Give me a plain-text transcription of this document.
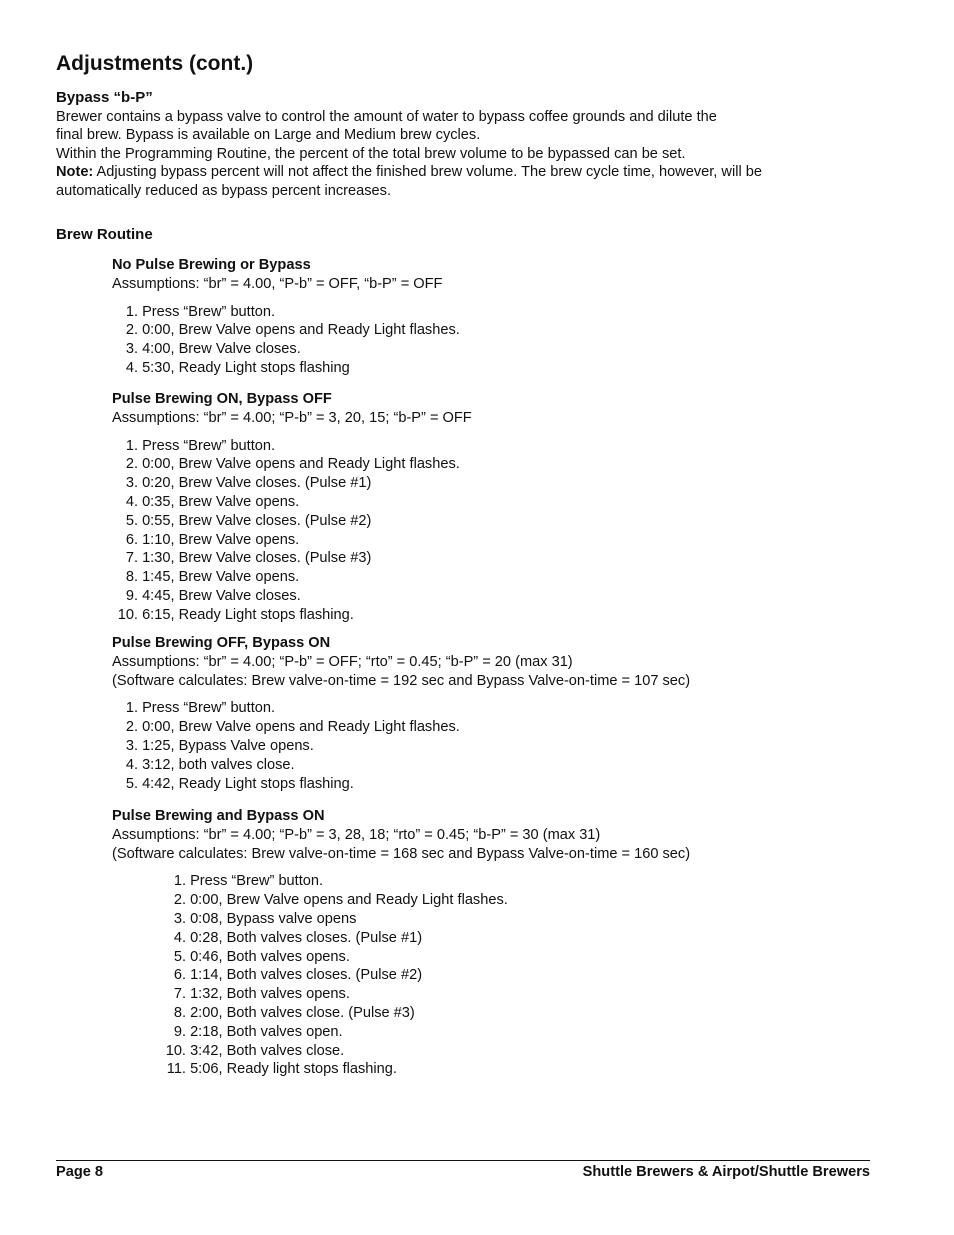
Adjustments (cont.)
Bypass “b-P”

Brewer contains a bypass valve to control the amount of water to bypass coffee grounds and dilute the

final brew. Bypass is available on Large and Medium brew cycles.

Within the Programming Routine, the percent of the total brew volume to be bypassed can be set.

Note: Adjusting bypass percent will not affect the finished brew volume. The brew cycle time, however, will be

automatically reduced as bypass percent increases.

Brew Routine
No Pulse Brewing or Bypass

Assumptions: “br” = 4.00, “P-b” = OFF, “b-P” = OFF

1. Press “Brew” button.
2. 0:00, Brew Valve opens and Ready Light flashes.
3. 4:00, Brew Valve closes.
4. 5:30, Ready Light stops flashing
Pulse Brewing ON, Bypass OFF

Assumptions: “br” = 4.00; “P-b” = 3, 20, 15; “b-P” = OFF

1. Press “Brew” button.
2. 0:00, Brew Valve opens and Ready Light flashes.
3. 0:20, Brew Valve closes. (Pulse #1)
4. 0:35, Brew Valve opens.
5. 0:55, Brew Valve closes. (Pulse #2)
6. 1:10, Brew Valve opens.
7. 1:30, Brew Valve closes. (Pulse #3)
8. 1:45, Brew Valve opens.
9. 4:45, Brew Valve closes.
10. 6:15, Ready Light stops flashing.
Pulse Brewing OFF, Bypass ON

Assumptions: “br” = 4.00; “P-b” = OFF; “rto” = 0.45; “b-P” = 20 (max 31)

(Software calculates: Brew valve-on-time = 192 sec and Bypass Valve-on-time = 107 sec)

1. Press “Brew” button.
2. 0:00, Brew Valve opens and Ready Light flashes.
3. 1:25, Bypass Valve opens.
4. 3:12, both valves close.
5. 4:42, Ready Light stops flashing.
Pulse Brewing and Bypass ON

Assumptions: “br” = 4.00; “P-b” = 3, 28, 18; “rto” = 0.45; “b-P” = 30 (max 31)

(Software calculates: Brew valve-on-time = 168 sec and Bypass Valve-on-time = 160 sec)

1. Press “Brew” button.
2. 0:00, Brew Valve opens and Ready Light flashes.
3. 0:08, Bypass valve opens
4. 0:28, Both valves closes. (Pulse #1)
5. 0:46, Both valves opens.
6. 1:14, Both valves closes. (Pulse #2)
7. 1:32, Both valves opens.
8. 2:00, Both valves close. (Pulse #3)
9. 2:18, Both valves open.
10. 3:42, Both valves close.
11. 5:06, Ready light stops flashing.
Page 8	Shuttle Brewers & Airpot/Shuttle Brewers
